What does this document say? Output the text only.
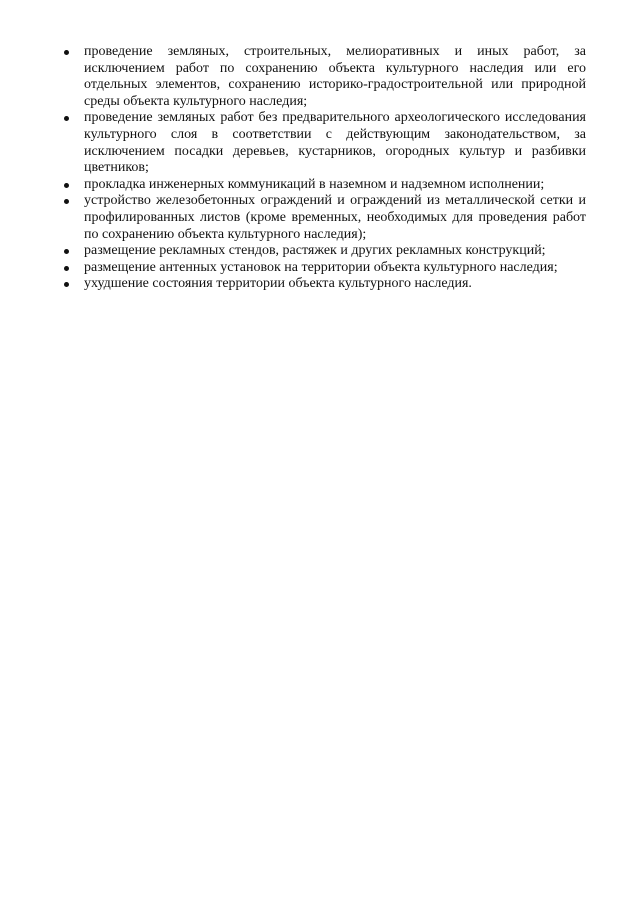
проведение земляных, строительных, мелиоративных и иных работ, за исключением работ по сохранению объекта культурного наследия или его отдельных элементов, сохранению историко-градостроительной или природной среды объекта культурного наследия;
проведение земляных работ без предварительного археологического исследования культурного слоя в соответствии с действующим законодательством, за исключением посадки деревьев, кустарников, огородных культур и разбивки цветников;
прокладка инженерных коммуникаций в наземном и надземном исполнении;
устройство железобетонных ограждений и ограждений из металлической сетки и профилированных листов (кроме временных, необходимых для проведения работ по сохранению объекта культурного наследия);
размещение рекламных стендов, растяжек и других рекламных конструкций;
размещение антенных установок на территории объекта культурного наследия;
ухудшение состояния территории объекта культурного наследия.
